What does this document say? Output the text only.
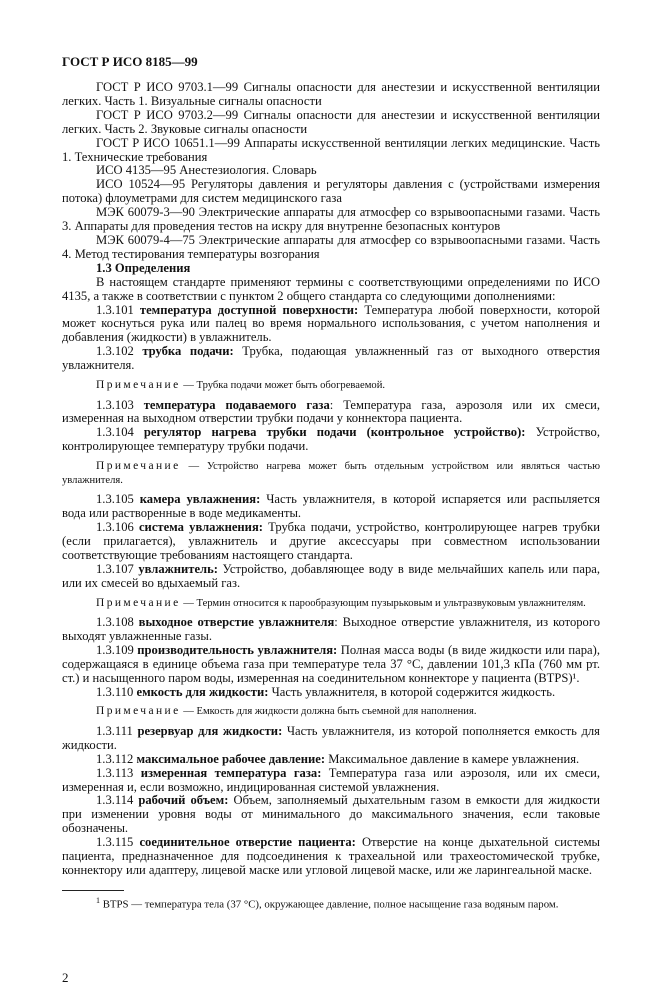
ГОСТ Р ИСО 8185—99

ГОСТ Р ИСО 9703.1—99 Сигналы опасности для анестезии и искусственной вентиляции легких. Часть 1. Визуальные сигналы опасности

ГОСТ Р ИСО 9703.2—99 Сигналы опасности для анестезии и искусственной вентиляции легких. Часть 2. Звуковые сигналы опасности

ГОСТ Р ИСО 10651.1—99 Аппараты искусственной вентиляции легких медицинские. Часть 1. Технические требования

ИСО 4135—95 Анестезиология. Словарь

ИСО 10524—95 Регуляторы давления и регуляторы давления с (устройствами измерения потока) флоуметрами для систем медицинского газа

МЭК 60079-3—90 Электрические аппараты для атмосфер со взрывоопасными газами. Часть 3. Аппараты для проведения тестов на искру для внутренне безопасных контуров

МЭК 60079-4—75 Электрические аппараты для атмосфер со взрывоопасными газами. Часть 4. Метод тестирования температуры возгорания

1.3 Определения

В настоящем стандарте применяют термины с соответствующими определениями по ИСО 4135, а также в соответствии с пунктом 2 общего стандарта со следующими дополнениями:

1.3.101 температура доступной поверхности: Температура любой поверхности, которой может коснуться рука или палец во время нормального использования, с учетом наполнения и добавления (жидкости) в увлажнитель.

1.3.102 трубка подачи: Трубка, подающая увлажненный газ от выходного отверстия увлажнителя.

Примечание — Трубка подачи может быть обогреваемой.

1.3.103 температура подаваемого газа: Температура газа, аэрозоля или их смеси, измеренная на выходном отверстии трубки подачи у коннектора пациента.

1.3.104 регулятор нагрева трубки подачи (контрольное устройство): Устройство, контролирующее температуру трубки подачи.

Примечание — Устройство нагрева может быть отдельным устройством или являться частью увлажнителя.

1.3.105 камера увлажнения: Часть увлажнителя, в которой испаряется или распыляется вода или растворенные в воде медикаменты.

1.3.106 система увлажнения: Трубка подачи, устройство, контролирующее нагрев трубки (если прилагается), увлажнитель и другие аксессуары при совместном использовании соответствующие требованиям настоящего стандарта.

1.3.107 увлажнитель: Устройство, добавляющее воду в виде мельчайших капель или пара, или их смесей во вдыхаемый газ.

Примечание — Термин относится к парообразующим пузырьковым и ультразвуковым увлажнителям.

1.3.108 выходное отверстие увлажнителя: Выходное отверстие увлажнителя, из которого выходят увлажненные газы.

1.3.109 производительность увлажнителя: Полная масса воды (в виде жидкости или пара), содержащаяся в единице объема газа при температуре тела 37 °С, давлении 101,3 кПа (760 мм рт. ст.) и насыщенного паром воды, измеренная на соединительном коннекторе у пациента (BTPS)¹.

1.3.110 емкость для жидкости: Часть увлажнителя, в которой содержится жидкость.

Примечание — Емкость для жидкости должна быть съемной для наполнения.

1.3.111 резервуар для жидкости: Часть увлажнителя, из которой пополняется емкость для жидкости.

1.3.112 максимальное рабочее давление: Максимальное давление в камере увлажнения.

1.3.113 измеренная температура газа: Температура газа или аэрозоля, или их смеси, измеренная и, если возможно, индицированная системой увлажнения.

1.3.114 рабочий объем: Объем, заполняемый дыхательным газом в емкости для жидкости при изменении уровня воды от минимального до максимального значения, если таковые обозначены.

1.3.115 соединительное отверстие пациента: Отверстие на конце дыхательной системы пациента, предназначенное для подсоединения к трахеальной или трахеостомической трубке, коннектору или адаптеру, лицевой маске или угловой лицевой маске, или же ларингеальной маске.

$^1$ BTPS — температура тела (37 °С), окружающее давление, полное насыщение газа водяным паром.
2
